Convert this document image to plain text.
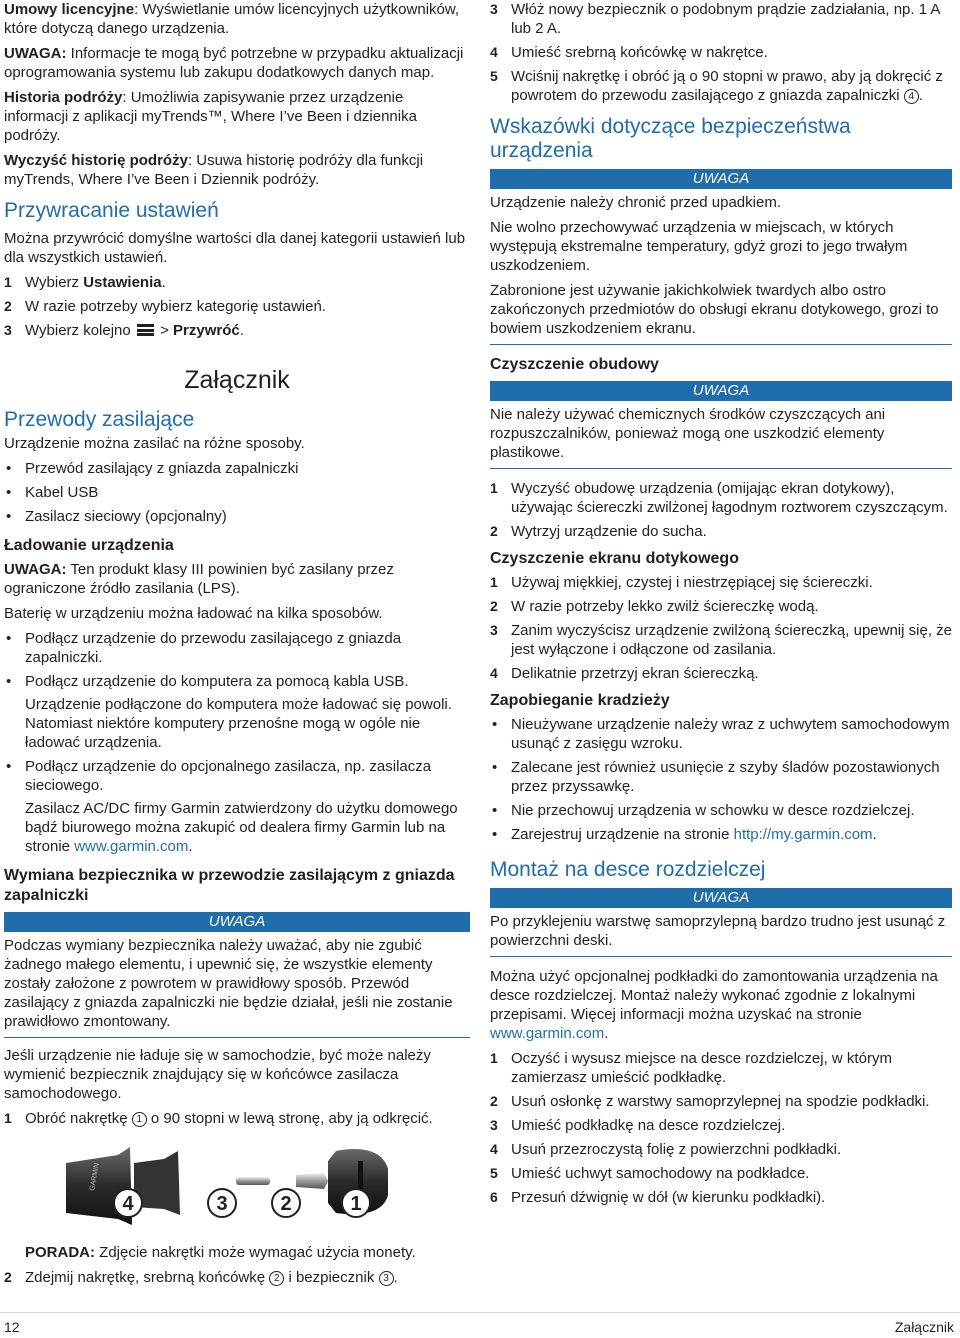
Umowy licencyjne: Wyświetlanie umów licencyjnych użytkowników, które dotyczą danego urządzenia.

UWAGA: Informacje te mogą być potrzebne w przypadku aktualizacji oprogramowania systemu lub zakupu dodatkowych danych map.

Historia podróży: Umożliwia zapisywanie przez urządzenie informacji z aplikacji myTrends™, Where I’ve Been i dziennika podróży.

Wyczyść historię podróży: Usuwa historię podróży dla funkcji myTrends, Where I’ve Been i Dziennik podróży.

Przywracanie ustawień

Można przywrócić domyślne wartości dla danej kategorii ustawień lub dla wszystkich ustawień.

1 Wybierz Ustawienia.
2 W razie potrzeby wybierz kategorię ustawień.
3 Wybierz kolejno
> Przywróć.
Załącznik
Przewody zasilające

Urządzenie można zasilać na różne sposoby.

• Przewód zasilający z gniazda zapalniczki
• Kabel USB
• Zasilacz sieciowy (opcjonalny)
Ładowanie urządzenia

UWAGA: Ten produkt klasy III powinien być zasilany przez ograniczone źródło zasilania (LPS).

Baterię w urządzeniu można ładować na kilka sposobów.

• Podłącz urządzenie do przewodu zasilającego z gniazda zapalniczki.
• Podłącz urządzenie do komputera za pomocą kabla USB.
Urządzenie podłączone do komputera może ładować się powoli. Natomiast niektóre komputery przenośne mogą w ogóle nie ładować urządzenia.
• Podłącz urządzenie do opcjonalnego zasilacza, np. zasilacza sieciowego.
Zasilacz AC/DC firmy Garmin zatwierdzony do użytku domowego bądź biurowego można zakupić od dealera firmy Garmin lub na stronie www.garmin.com.
Wymiana bezpiecznika w przewodzie zasilającym z gniazda zapalniczki
UWAGA

Podczas wymiany bezpiecznika należy uważać, aby nie zgubić żadnego małego elementu, i upewnić się, że wszystkie elementy zostały założone z powrotem w prawidłowy sposób. Przewód zasilający z gniazda zapalniczki nie będzie działał, jeśli nie zostanie prawidłowo zmontowany.

Jeśli urządzenie nie ładuje się w samochodzie, być może należy wymienić bezpiecznik znajdujący się w końcówce zasilacza samochodowego.

1 Obróć nakrętkę 1 o 90 stopni w lewą stronę, aby ją odkręcić.
GARMIN
4	3	2	1

PORADA: Zdjęcie nakrętki może wymagać użycia monety.

2 Zdejmij nakrętkę, srebrną końcówkę 2 i bezpiecznik 3 .
3 Włóż nowy bezpiecznik o podobnym prądzie zadziałania, np. 1 A lub 2 A.
4 Umieść srebrną końcówkę w nakrętce.
5 Wciśnij nakrętkę i obróć ją o 90 stopni w prawo, aby ją dokręcić z powrotem do przewodu zasilającego z gniazda zapalniczki 4 .
Wskazówki dotyczące bezpieczeństwa urządzenia
UWAGA

Urządzenie należy chronić przed upadkiem.

Nie wolno przechowywać urządzenia w miejscach, w których występują ekstremalne temperatury, gdyż grozi to jego trwałym uszkodzeniem.

Zabronione jest używanie jakichkolwiek twardych albo ostro zakończonych przedmiotów do obsługi ekranu dotykowego, grozi to bowiem uszkodzeniem ekranu.

Czyszczenie obudowy
UWAGA

Nie należy używać chemicznych środków czyszczących ani rozpuszczalników, ponieważ mogą one uszkodzić elementy plastikowe.

1 Wyczyść obudowę urządzenia (omijając ekran dotykowy), używając ściereczki zwilżonej łagodnym roztworem czyszczącym.
2 Wytrzyj urządzenie do sucha.
Czyszczenie ekranu dotykowego
1 Używaj miękkiej, czystej i niestrzępiącej się ściereczki.
2 W razie potrzeby lekko zwilż ściereczkę wodą.
3 Zanim wyczyścisz urządzenie zwilżoną ściereczką, upewnij się, że jest wyłączone i odłączone od zasilania.
4 Delikatnie przetrzyj ekran ściereczką.
Zapobieganie kradzieży
• Nieużywane urządzenie należy wraz z uchwytem samochodowym usunąć z zasięgu wzroku.
• Zalecane jest również usunięcie z szyby śladów pozostawionych przez przyssawkę.
• Nie przechowuj urządzenia w schowku w desce rozdzielczej.
• Zarejestruj urządzenie na stronie http://my.garmin.com.
Montaż na desce rozdzielczej
UWAGA

Po przyklejeniu warstwę samoprzylepną bardzo trudno jest usunąć z powierzchni deski.

Można użyć opcjonalnej podkładki do zamontowania urządzenia na desce rozdzielczej. Montaż należy wykonać zgodnie z lokalnymi przepisami. Więcej informacji można uzyskać na stronie www.garmin.com.

1 Oczyść i wysusz miejsce na desce rozdzielczej, w którym zamierzasz umieścić podkładkę.
2 Usuń osłonkę z warstwy samoprzylepnej na spodzie podkładki.
3 Umieść podkładkę na desce rozdzielczej.
4 Usuń przezroczystą folię z powierzchni podkładki.
5 Umieść uchwyt samochodowy na podkładce.
6 Przesuń dźwignię w dół (w kierunku podkładki).
12	Załącznik
